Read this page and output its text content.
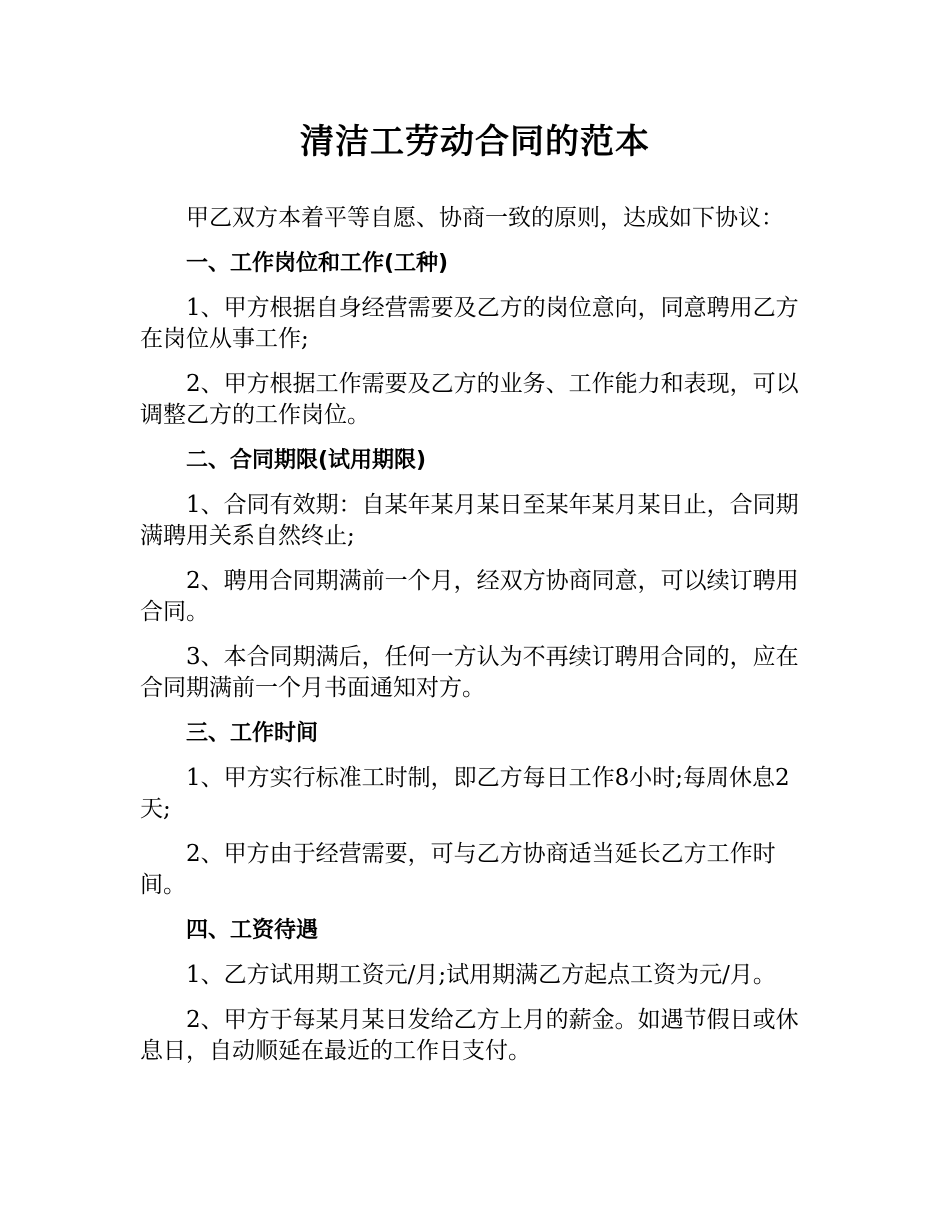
清洁工劳动合同的范本

甲乙双方本着平等自愿、协商一致的原则，达成如下协议：

一、工作岗位和工作(工种)

1、甲方根据自身经营需要及乙方的岗位意向，同意聘用乙方在岗位从事工作;

2、甲方根据工作需要及乙方的业务、工作能力和表现，可以调整乙方的工作岗位。

二、合同期限(试用期限)

1、合同有效期：自某年某月某日至某年某月某日止，合同期满聘用关系自然终止;

2、聘用合同期满前一个月，经双方协商同意，可以续订聘用合同。

3、本合同期满后，任何一方认为不再续订聘用合同的，应在合同期满前一个月书面通知对方。

三、工作时间

1、甲方实行标准工时制，即乙方每日工作8小时;每周休息2天;

2、甲方由于经营需要，可与乙方协商适当延长乙方工作时间。

四、工资待遇

1、乙方试用期工资元/月;试用期满乙方起点工资为元/月。

2、甲方于每某月某日发给乙方上月的薪金。如遇节假日或休息日，自动顺延在最近的工作日支付。
